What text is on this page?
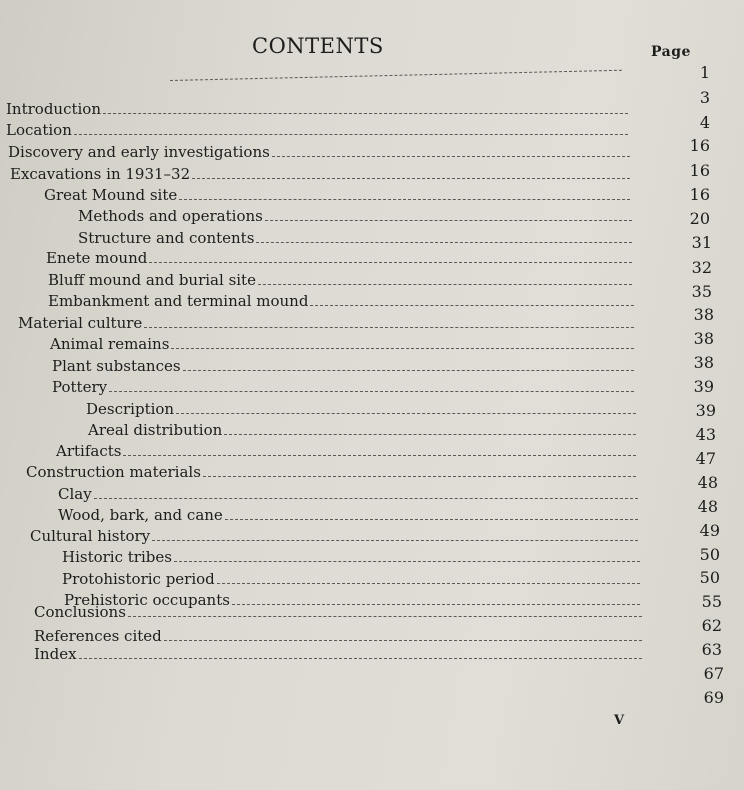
CONTENTS	Page
Introduction
Location
Discovery and early investigations
Excavations in 1931–32
Great Mound site
Methods and operations
Structure and contents
Enete mound
Bluff mound and burial site
Embankment and terminal mound
Material culture
Animal remains
Plant substances
Pottery
Description
Areal distribution
Artifacts
Construction materials
Clay
Wood, bark, and cane
Cultural history
Historic tribes
Protohistoric period
Prehistoric occupants
Conclusions
References cited
Index
1
3
4
16
16
16
20
31
32
35
38
38
38
39
39
43
47
48
48
49
50
50
55
62
63
67
69
V
